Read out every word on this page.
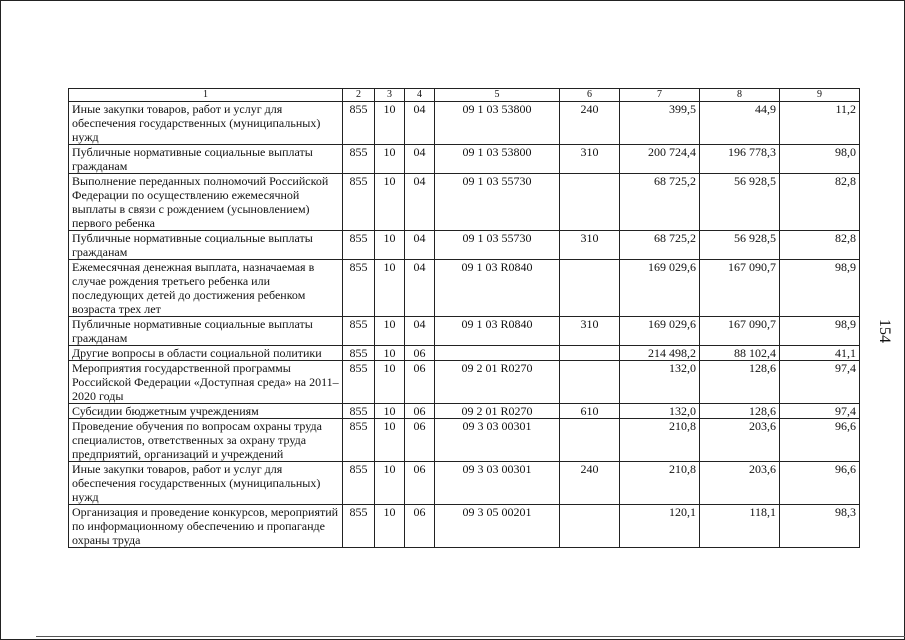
1	2	3	4	5	6	7	8	9
Иные закупки товаров, работ и услуг для обеспечения государственных (муниципальных) нужд	855	10	04	09 1 03 53800	240	399,5	44,9	11,2
Публичные нормативные социальные выплаты гражданам	855	10	04	09 1 03 53800	310	200 724,4	196 778,3	98,0
Выполнение переданных полномочий Российской Федерации по осуществлению ежемесячной выплаты в связи с рождением (усыновлением) первого ребенка	855	10	04	09 1 03 55730		68 725,2	56 928,5	82,8
Публичные нормативные социальные выплаты гражданам	855	10	04	09 1 03 55730	310	68 725,2	56 928,5	82,8
Ежемесячная денежная выплата, назначаемая в случае рождения третьего ребенка или последующих детей до достижения ребенком возраста трех лет	855	10	04	09 1 03 R0840		169 029,6	167 090,7	98,9
Публичные нормативные социальные выплаты гражданам	855	10	04	09 1 03 R0840	310	169 029,6	167 090,7	98,9
Другие вопросы в области социальной политики	855	10	06			214 498,2	88 102,4	41,1
Мероприятия государственной программы Российской Федерации «Доступная среда» на 2011–2020 годы	855	10	06	09 2 01 R0270		132,0	128,6	97,4
Субсидии бюджетным учреждениям	855	10	06	09 2 01 R0270	610	132,0	128,6	97,4
Проведение обучения по вопросам охраны труда специалистов, ответственных за охрану труда предприятий, организаций и учреждений	855	10	06	09 3 03 00301		210,8	203,6	96,6
Иные закупки товаров, работ и услуг для обеспечения государственных (муниципальных) нужд	855	10	06	09 3 03 00301	240	210,8	203,6	96,6
Организация и проведение конкурсов, мероприятий по информационному обеспечению и пропаганде охраны труда	855	10	06	09 3 05 00201		120,1	118,1	98,3
154
